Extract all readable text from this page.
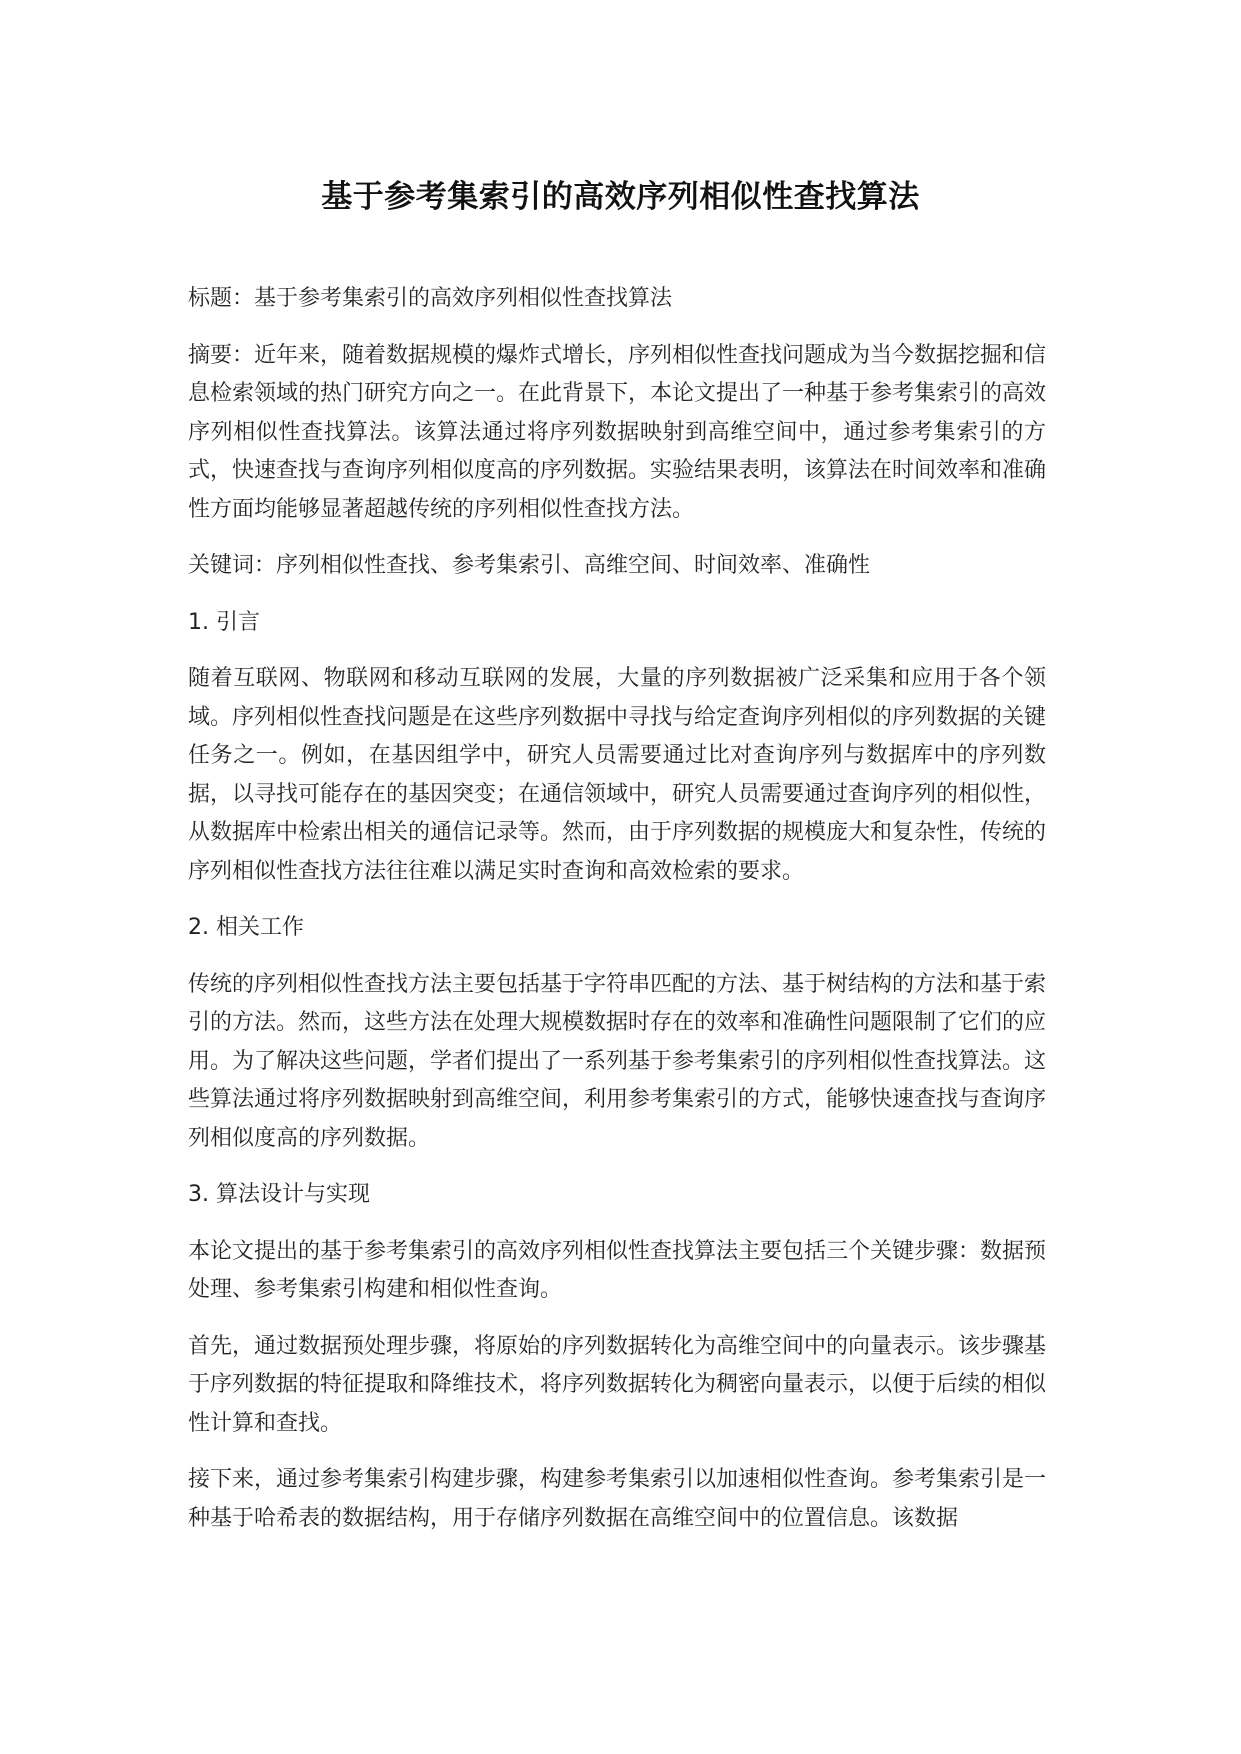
基于参考集索引的高效序列相似性查找算法

标题：基于参考集索引的高效序列相似性查找算法

摘要：近年来，随着数据规模的爆炸式增长，序列相似性查找问题成为当今数据挖掘和信息检索领域的热门研究方向之一。在此背景下，本论文提出了一种基于参考集索引的高效序列相似性查找算法。该算法通过将序列数据映射到高维空间中，通过参考集索引的方式，快速查找与查询序列相似度高的序列数据。实验结果表明，该算法在时间效率和准确性方面均能够显著超越传统的序列相似性查找方法。

关键词：序列相似性查找、参考集索引、高维空间、时间效率、准确性

1. 引言

随着互联网、物联网和移动互联网的发展，大量的序列数据被广泛采集和应用于各个领域。序列相似性查找问题是在这些序列数据中寻找与给定查询序列相似的序列数据的关键任务之一。例如，在基因组学中，研究人员需要通过比对查询序列与数据库中的序列数据，以寻找可能存在的基因突变；在通信领域中，研究人员需要通过查询序列的相似性，从数据库中检索出相关的通信记录等。然而，由于序列数据的规模庞大和复杂性，传统的序列相似性查找方法往往难以满足实时查询和高效检索的要求。

2. 相关工作

传统的序列相似性查找方法主要包括基于字符串匹配的方法、基于树结构的方法和基于索引的方法。然而，这些方法在处理大规模数据时存在的效率和准确性问题限制了它们的应用。为了解决这些问题，学者们提出了一系列基于参考集索引的序列相似性查找算法。这些算法通过将序列数据映射到高维空间，利用参考集索引的方式，能够快速查找与查询序列相似度高的序列数据。

3. 算法设计与实现

本论文提出的基于参考集索引的高效序列相似性查找算法主要包括三个关键步骤：数据预处理、参考集索引构建和相似性查询。

首先，通过数据预处理步骤，将原始的序列数据转化为高维空间中的向量表示。该步骤基于序列数据的特征提取和降维技术，将序列数据转化为稠密向量表示，以便于后续的相似性计算和查找。

接下来，通过参考集索引构建步骤，构建参考集索引以加速相似性查询。参考集索引是一种基于哈希表的数据结构，用于存储序列数据在高维空间中的位置信息。该数据
